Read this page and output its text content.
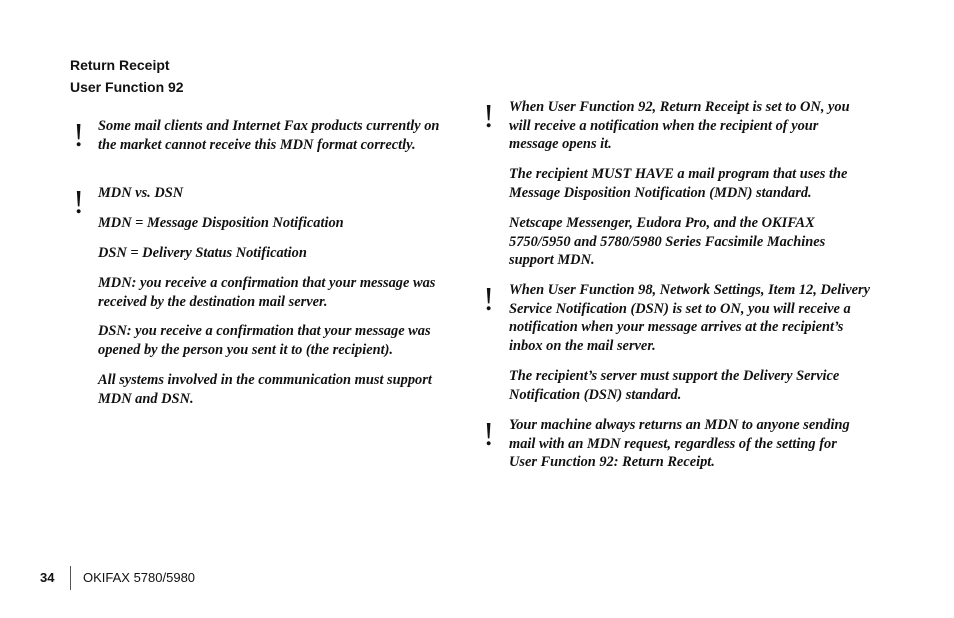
Return Receipt
User Function 92
! Some mail clients and Internet Fax products currently on the market cannot receive this MDN format correctly.

! MDN vs. DSN

MDN = Message Disposition Notification

DSN = Delivery Status Notification

MDN: you receive a confirmation that your message was received by the destination mail server.

DSN: you receive a confirmation that your message was opened by the person you sent it to (the recipient).

All systems involved in the communication must support MDN and DSN.

! When User Function 92, Return Receipt is set to ON, you will receive a notification when the recipient of your message opens it.

The recipient MUST HAVE a mail program that uses the Message Disposition Notification (MDN) standard.

Netscape Messenger, Eudora Pro, and the OKIFAX 5750/5950 and 5780/5980 Series Facsimile Machines support MDN.

! When User Function 98, Network Settings, Item 12, Delivery Service Notification (DSN) is set to ON, you will receive a notification when your message arrives at the recipient’s inbox on the mail server.

The recipient’s server must support the Delivery Service Notification (DSN) standard.

! Your machine always returns an MDN to anyone sending mail with an MDN request, regardless of the setting for User Function 92: Return Receipt.

34 OKIFAX 5780/5980
